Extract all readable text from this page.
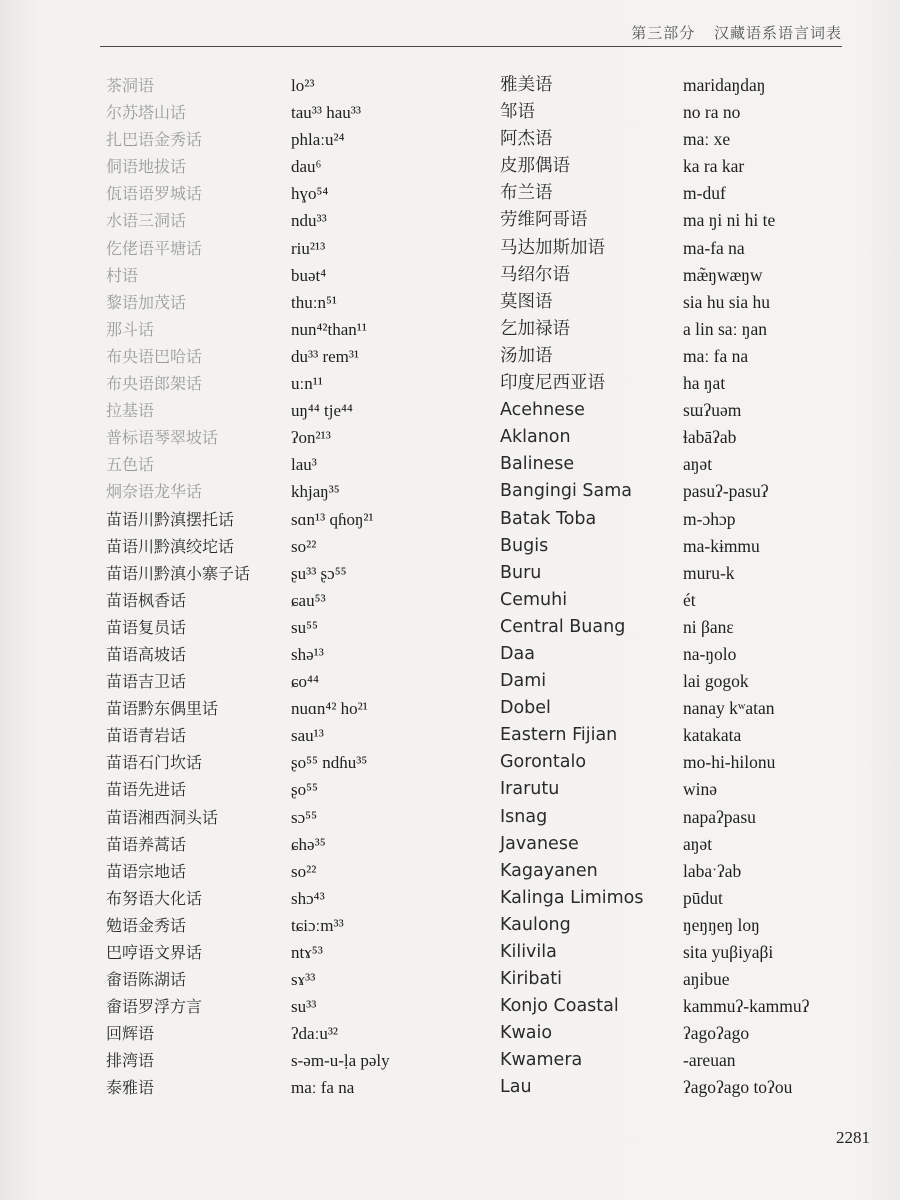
第三部分 汉藏语系语言词表
茶洞语
尔苏塔山话
扎巴语金秀话
侗语地拔话
佤语语罗城话
水语三洞话
仡佬语平塘话
村语
黎语加茂话
那斗话
布央语巴哈话
布央语郎架话
拉基语
普标语琴翠坡话
五色话
炯奈语龙华话
苗语川黔滇摆托话
苗语川黔滇绞坨话
苗语川黔滇小寨子话
苗语枫香话
苗语复员话
苗语高坡话
苗语吉卫话
苗语黔东偶里话
苗语青岩话
苗语石门坎话
苗语先进话
苗语湘西洞头话
苗语养蒿话
苗语宗地话
布努语大化话
勉语金秀话
巴哼语文界话
畲语陈湖话
畲语罗浮方言
回辉语
排湾语
泰雅语
lo²³
tau³³ hau³³
phlaːu²⁴
dau⁶
hɣo⁵⁴
ndu³³
riu²¹³
buət⁴
thuːn⁵¹
nun⁴²than¹¹
du³³ rem³¹
uːn¹¹
uŋ⁴⁴ tje⁴⁴
ʔon²¹³
lau³
khjaŋ³⁵
sɑn¹³ qɦoŋ²¹
so²²
ʂu³³ ʂɔ⁵⁵
ɕau⁵³
su⁵⁵
shə¹³
ɕo⁴⁴
nuɑn⁴² ho²¹
sau¹³
ʂo⁵⁵ ndɦu³⁵
ʂo⁵⁵
sɔ⁵⁵
ɕhə³⁵
so²²
shɔ⁴³
tɕiɔːm³³
ntɤ⁵³
sɤ³³
su³³
ʔdaːu³²
s-əm-u-ḷa pəly
maː fa na
雅美语
邹语
阿杰语
皮那偶语
布兰语
劳维阿哥语
马达加斯加语
马绍尔语
莫图语
乞加禄语
汤加语
印度尼西亚语
Acehnese
Aklanon
Balinese
Bangingi Sama
Batak Toba
Bugis
Buru
Cemuhi
Central Buang
Daa
Dami
Dobel
Eastern Fijian
Gorontalo
Irarutu
Isnag
Javanese
Kagayanen
Kalinga Limimos
Kaulong
Kilivila
Kiribati
Konjo Coastal
Kwaio
Kwamera
Lau
maridaŋdaŋ
no ra no
maː xe
ka ra kar
m-duf
ma ŋi ni hi te
ma-fa na
mæ̃ŋwæŋw
sia hu sia hu
a lin saː ŋan
maː fa na
ha ŋat
sɯʔuəm
ɬabāʔab
aŋət
pasuʔ-pasuʔ
m-ɔhɔp
ma-kɨmmu
muru-k
ét
ni βanɛ
na-ŋolo
lai gogok
nanay kʷatan
katakata
mo-hi-hilonu
winə
napaʔpasu
aŋət
labaˑʔab
pūdut
ŋeŋŋeŋ loŋ
sita yuβiyaβi
aŋibue
kammuʔ-kammuʔ
ʔagoʔago
-areuan
ʔagoʔago toʔou
2281
